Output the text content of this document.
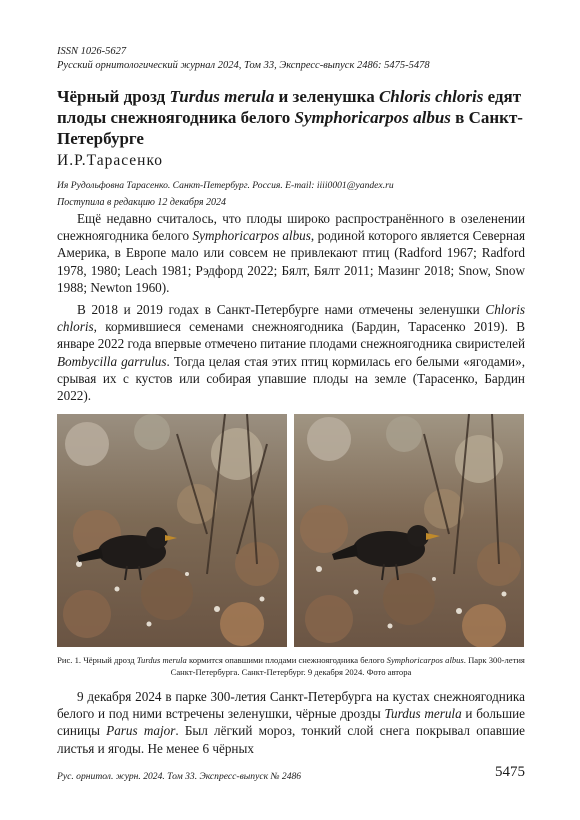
ISSN 1026-5627
Русский орнитологический журнал 2024, Том 33, Экспресс-выпуск 2486: 5475-5478
Чёрный дрозд Turdus merula и зеленушка Chloris chloris едят плоды снежноягодника белого Symphoricarpos albus в Санкт-Петербурге
И.Р.Тарасенко
Ия Рудольфовна Тарасенко. Санкт-Петербург. Россия. E-mail: iiii0001@yandex.ru
Поступила в редакцию 12 декабря 2024

Ещё недавно считалось, что плоды широко распространённого в озеленении снежноягодника белого Symphoricarpos albus, родиной которого является Северная Америка, в Европе мало или совсем не привлекают птиц (Radford 1967; Radford 1978, 1980; Leach 1981; Рэдфорд 2022; Бялт, Бялт 2011; Мазинг 2018; Snow, Snow 1988; Newton 1960).

В 2018 и 2019 годах в Санкт-Петербурге нами отмечены зеленушки Chloris chloris, кормившиеся семенами снежноягодника (Бардин, Тарасенко 2019). В январе 2022 года впервые отмечено питание плодами снежноягодника свиристелей Bombycilla garrulus. Тогда целая стая этих птиц кормилась его белыми «ягодами», срывая их с кустов или собирая упавшие плоды на земле (Тарасенко, Бардин 2022).

Рис. 1. Чёрный дрозд Turdus merula кормится опавшими плодами снежноягодника белого Symphoricarpos albus. Парк 300-летия Санкт-Петербурга. Санкт-Петербург. 9 декабря 2024. Фото автора

9 декабря 2024 в парке 300-летия Санкт-Петербурга на кустах снежноягодника белого и под ними встречены зеленушки, чёрные дрозды Turdus merula и большие синицы Parus major. Был лёгкий мороз, тонкий слой снега покрывал опавшие листья и ягоды. Не менее 6 чёрных

Рус. орнитол. журн. 2024. Том 33. Экспресс-выпуск № 2486	5475
